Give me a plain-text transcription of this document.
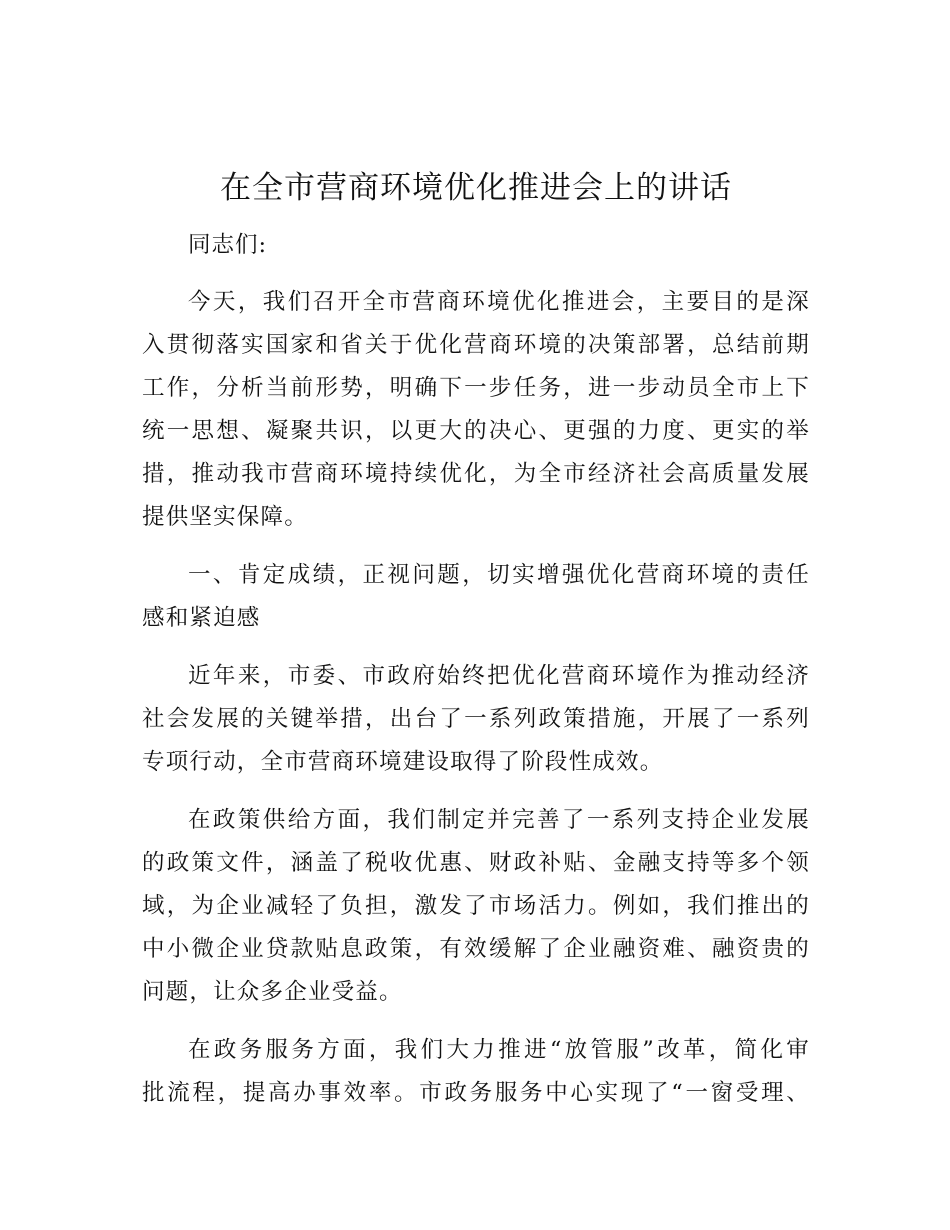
在全市营商环境优化推进会上的讲话

同志们:

今天，我们召开全市营商环境优化推进会，主要目的是深
入贯彻落实国家和省关于优化营商环境的决策部署，总结前期
工作，分析当前形势，明确下一步任务，进一步动员全市上下
统一思想、凝聚共识，以更大的决心、更强的力度、更实的举
措，推动我市营商环境持续优化，为全市经济社会高质量发展
提供坚实保障。

一、肯定成绩，正视问题，切实增强优化营商环境的责任
感和紧迫感

近年来，市委、市政府始终把优化营商环境作为推动经济
社会发展的关键举措，出台了一系列政策措施，开展了一系列
专项行动，全市营商环境建设取得了阶段性成效。

在政策供给方面，我们制定并完善了一系列支持企业发展
的政策文件，涵盖了税收优惠、财政补贴、金融支持等多个领
域，为企业减轻了负担，激发了市场活力。例如，我们推出的
中小微企业贷款贴息政策，有效缓解了企业融资难、融资贵的
问题，让众多企业受益。

在政务服务方面，我们大力推进“放管服”改革，简化审
批流程，提高办事效率。市政务服务中心实现了“一窗受理、
